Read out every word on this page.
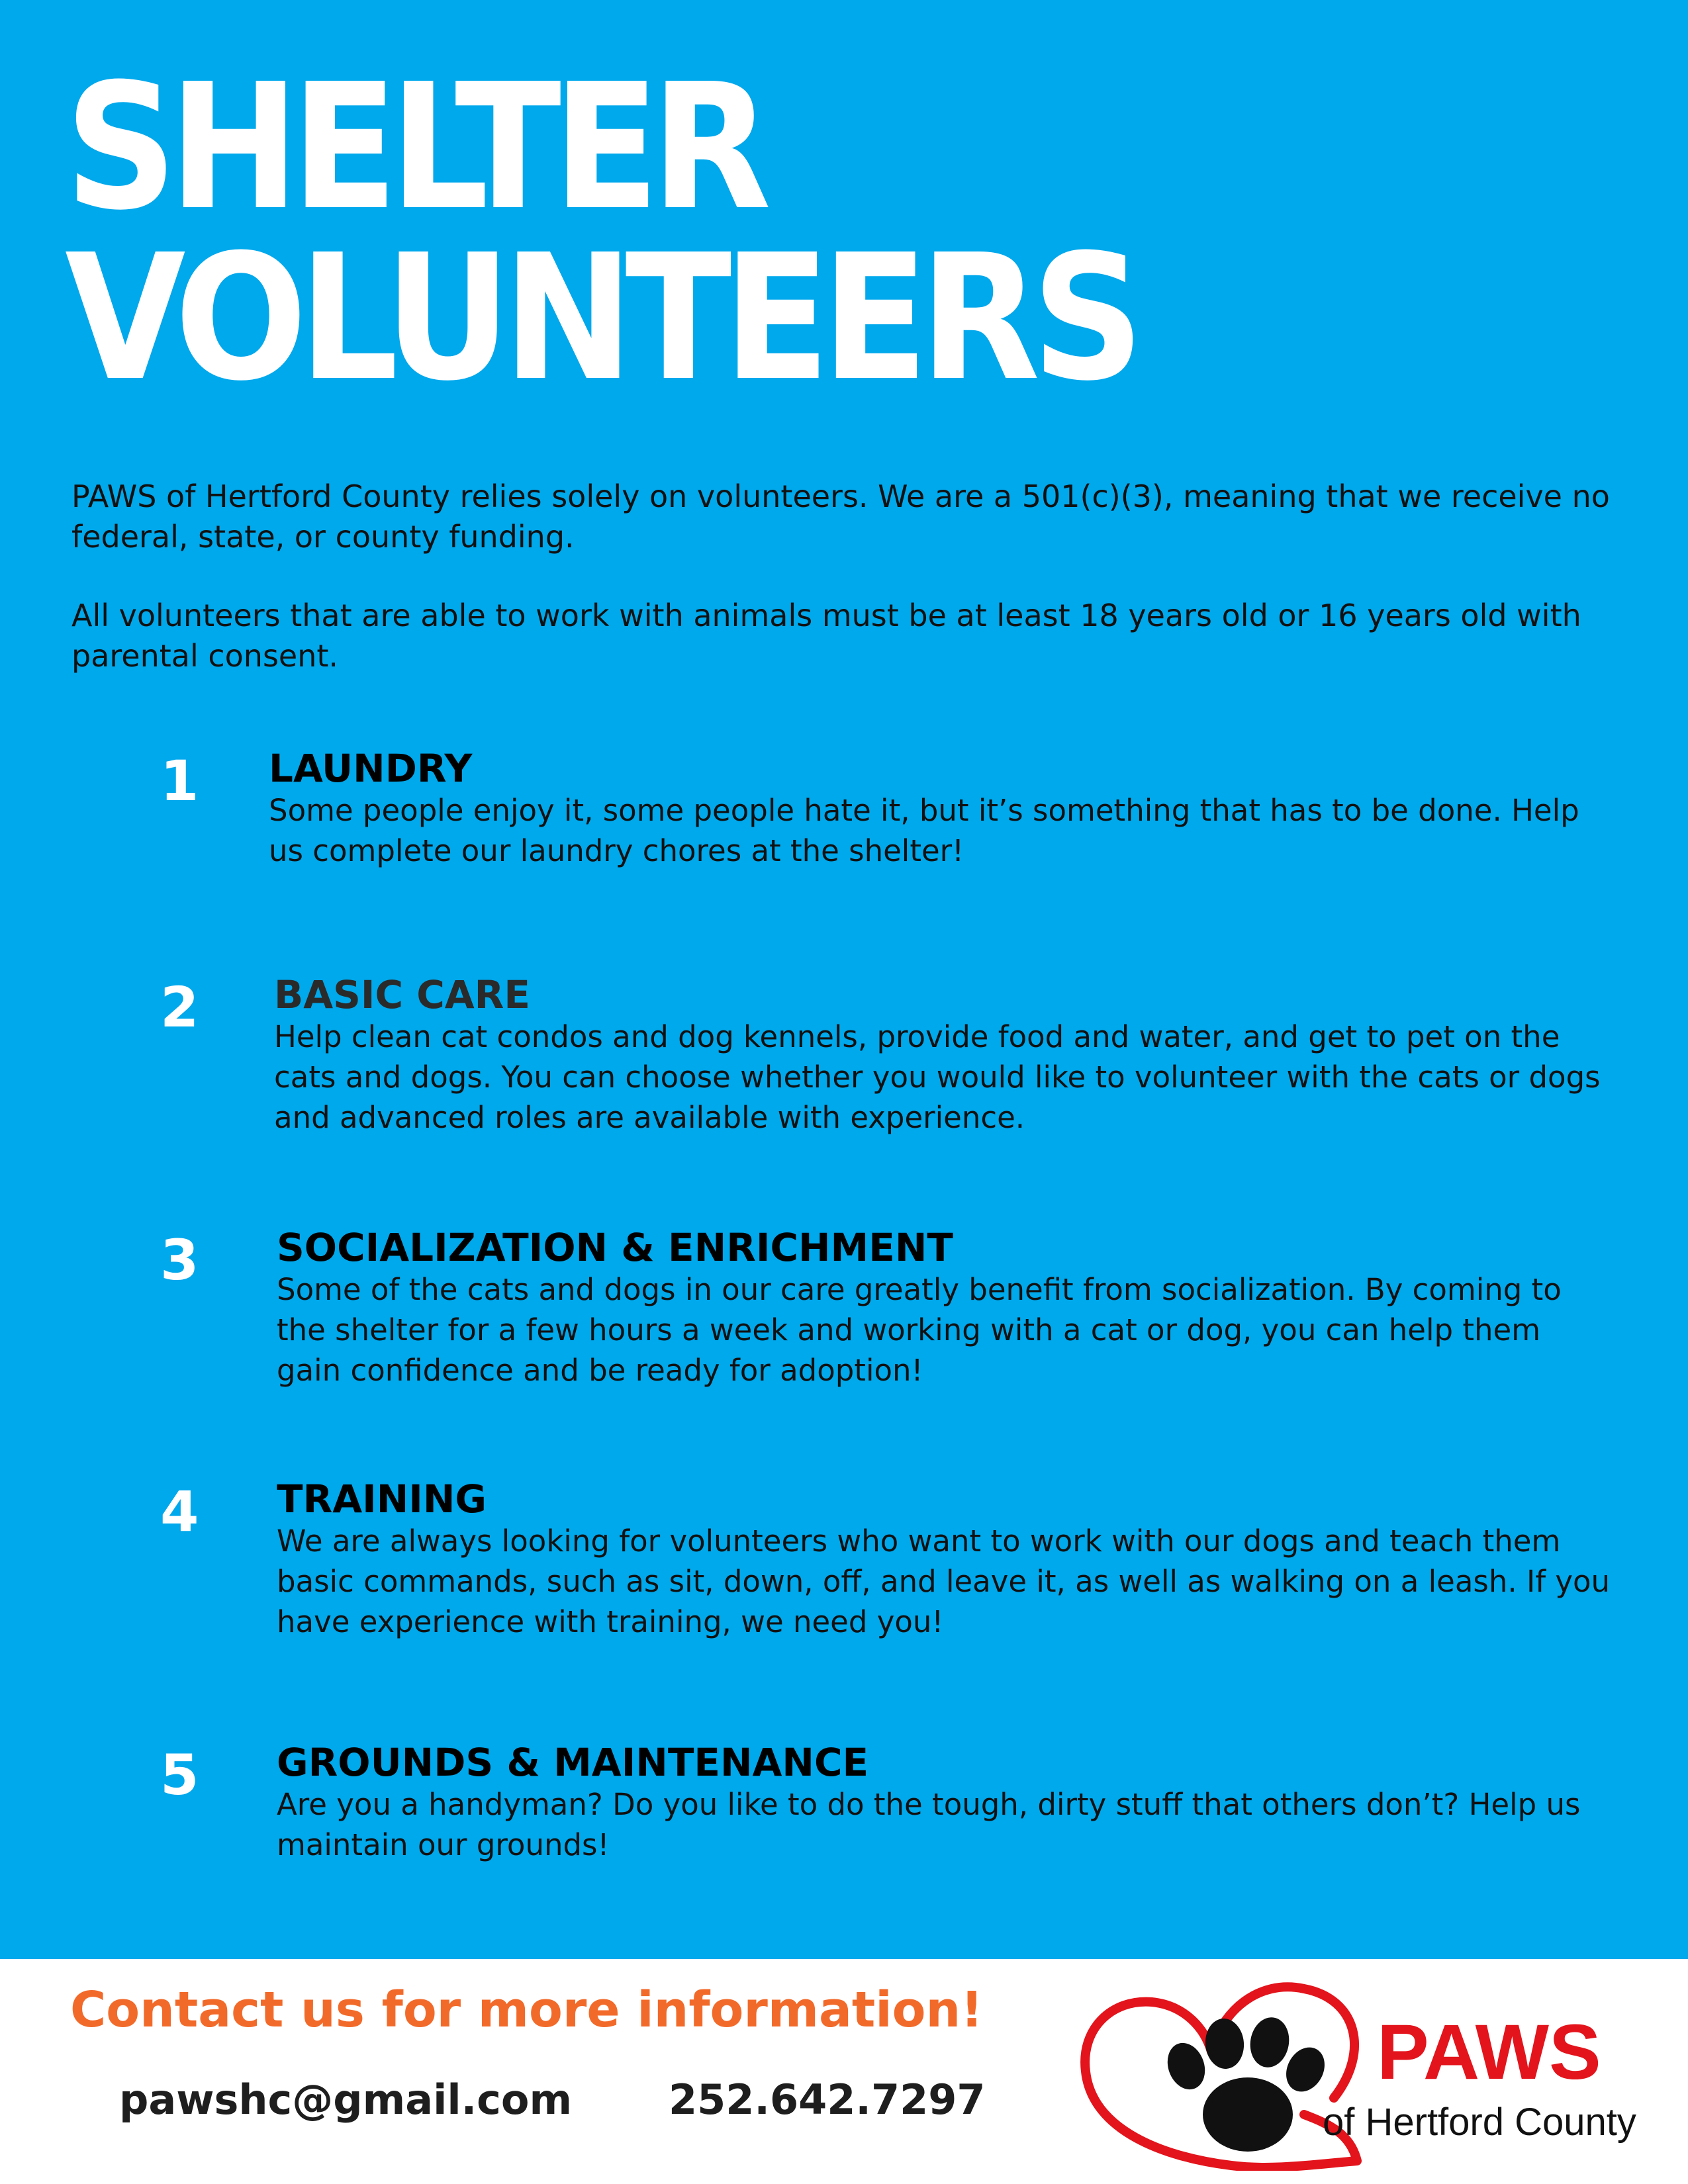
SHELTER
VOLUNTEERS

PAWS of Hertford County relies solely on volunteers. We are a 501(c)(3), meaning that we receive no federal, state, or county funding.

All volunteers that are able to work with animals must be at least 18 years old or 16 years old with parental consent.

1 LAUNDRY

Some people enjoy it, some people hate it, but it’s something that has to be done. Help us complete our laundry chores at the shelter!

2 BASIC CARE

Help clean cat condos and dog kennels, provide food and water, and get to pet on the cats and dogs. You can choose whether you would like to volunteer with the cats or dogs and advanced roles are available with experience.

3 SOCIALIZATION & ENRICHMENT

Some of the cats and dogs in our care greatly benefit from socialization. By coming to the shelter for a few hours a week and working with a cat or dog, you can help them gain confidence and be ready for adoption!

4 TRAINING

We are always looking for volunteers who want to work with our dogs and teach them basic commands, such as sit, down, off, and leave it, as well as walking on a leash. If you have experience with training, we need you!

5 GROUNDS & MAINTENANCE

Are you a handyman? Do you like to do the tough, dirty stuff that others don’t? Help us maintain our grounds!

Contact us for more information!

pawshc@gmail.com 252.642.7297

PAWS

of Hertford County
